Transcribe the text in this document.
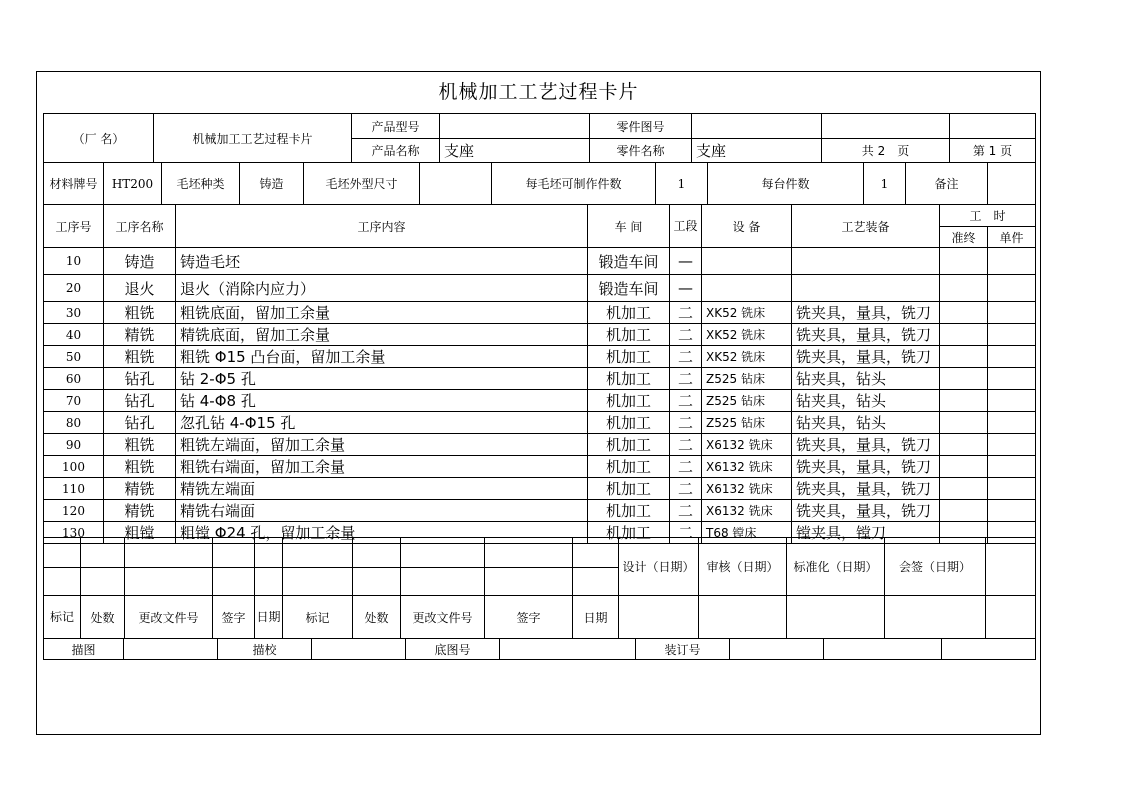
机械加工工艺过程卡片
（厂 名）	机械加工工艺过程卡片	产品型号		零件图号			
		产品名称	支座	零件名称	支座	共 2　页	第 1 页
材料牌号	HT200	毛坯种类	铸造	毛坯外型尺寸		每毛坯可制作件数	1	每台件数	1	备注	
工序号	工序名称	工序内容	车 间	工段	设 备	工艺装备	工　时	
							准终	单件
10	铸造	铸造毛坯	锻造车间	—				
20	退火	退火（消除内应力）	锻造车间	—				
30	粗铣	粗铣底面，留加工余量	机加工	二	XK52 铣床	铣夹具，量具，铣刀		
40	精铣	精铣底面，留加工余量	机加工	二	XK52 铣床	铣夹具，量具，铣刀		
50	粗铣	粗铣 Φ15 凸台面，留加工余量	机加工	二	XK52 铣床	铣夹具，量具，铣刀		
60	钻孔	钻 2-Φ5 孔	机加工	二	Z525 钻床	钻夹具，钻头		
70	钻孔	钻 4-Φ8 孔	机加工	二	Z525 钻床	钻夹具，钻头		
80	钻孔	忽孔钻 4-Φ15 孔	机加工	二	Z525 钻床	钻夹具，钻头		
90	粗铣	粗铣左端面，留加工余量	机加工	二	X6132 铣床	铣夹具，量具，铣刀		
100	粗铣	粗铣右端面，留加工余量	机加工	二	X6132 铣床	铣夹具，量具，铣刀		
110	精铣	精铣左端面	机加工	二	X6132 铣床	铣夹具，量具，铣刀		
120	精铣	精铣右端面	机加工	二	X6132 铣床	铣夹具，量具，铣刀		
130	粗镗	粗镗 Φ24 孔，留加工余量	机加工	二	T68 镗床	镗夹具，镗刀		
										设计（日期）	审核（日期）	标准化（日期）	会签（日期）	

标记	处数	更改文件号	签字	日期	标记	处数	更改文件号	签字	日期					
描图		描校		底图号		装订号			
